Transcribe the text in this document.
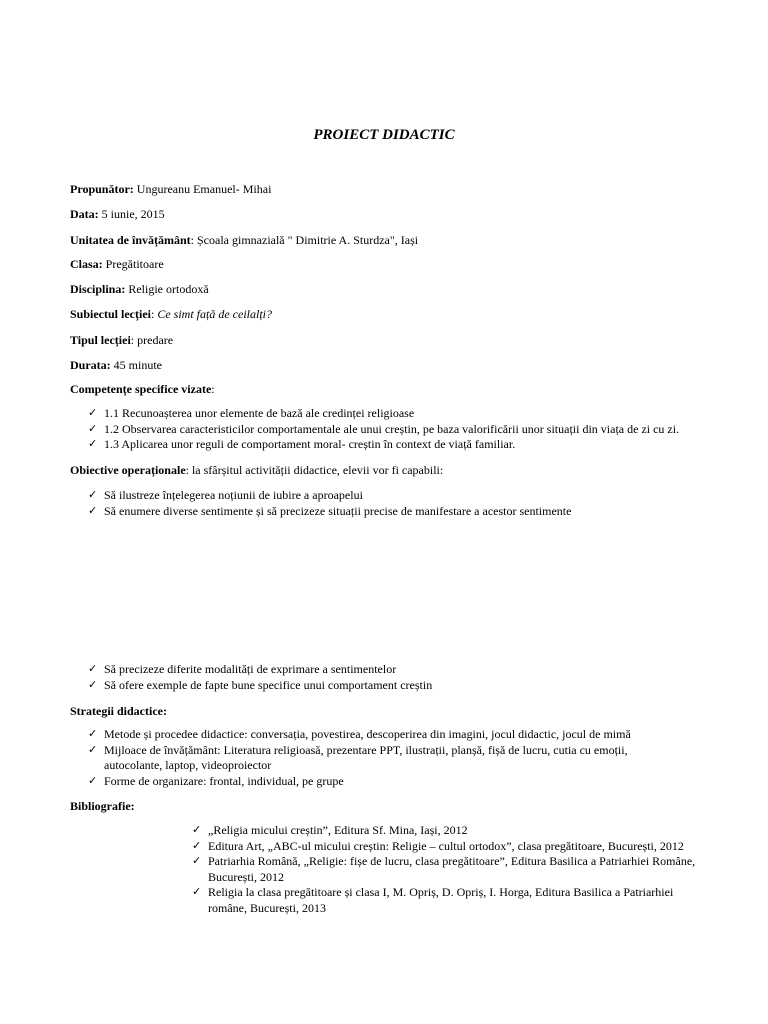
PROIECT DIDACTIC
Propunător: Ungureanu Emanuel- Mihai
Data: 5 iunie, 2015
Unitatea de învățământ: Școala gimnazială " Dimitrie A. Sturdza", Iași
Clasa: Pregătitoare
Disciplina: Religie ortodoxă
Subiectul lecției: Ce simt față de ceilalți?
Tipul lecției: predare
Durata: 45 minute
Competențe specifice vizate:
✓ 1.1 Recunoașterea unor elemente de bază ale credinței religioase
✓ 1.2 Observarea caracteristicilor comportamentale ale unui creștin, pe baza valorificării unor situații din viața de zi cu zi.
✓ 1.3 Aplicarea unor reguli de comportament moral- creștin în context de viață familiar.
Obiective operaționale: la sfârșitul activității didactice, elevii vor fi capabili:
✓ Să ilustreze înțelegerea noțiunii de iubire a aproapelui
✓ Să enumere diverse sentimente și să precizeze situații precise de manifestare a acestor sentimente
✓ Să precizeze diferite modalități de exprimare a sentimentelor
✓ Să ofere exemple de fapte bune specifice unui comportament creștin
Strategii didactice:
✓ Metode și procedee didactice: conversația, povestirea, descoperirea din imagini, jocul didactic, jocul de mimă
✓ Mijloace de învățământ: Literatura religioasă, prezentare PPT, ilustrații, planșă, fișă de lucru, cutia cu emoții, autocolante, laptop, videoproiector
✓ Forme de organizare: frontal, individual, pe grupe
Bibliografie:
✓ „Religia micului creștin”, Editura Sf. Mina, Iași, 2012
✓ Editura Art, „ABC-ul micului creștin: Religie – cultul ortodox”, clasa pregătitoare, București, 2012
✓ Patriarhia Română, „Religie: fișe de lucru, clasa pregătitoare”, Editura Basilica a Patriarhiei Române, București, 2012
✓ Religia la clasa pregătitoare și clasa I, M. Opriș, D. Opriș, I. Horga, Editura Basilica a Patriarhiei române, București, 2013
